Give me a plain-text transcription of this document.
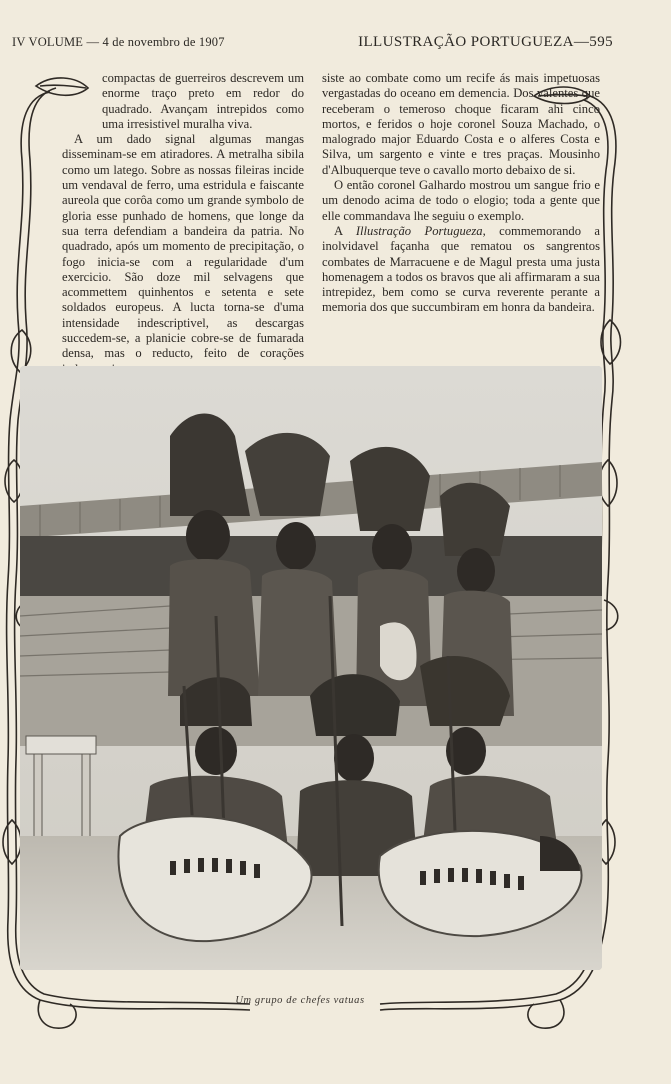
IV VOLUME — 4 de novembro de 1907	ILLUSTRAÇÃO PORTUGUEZA—595

compactas de guerreiros descrevem um enorme traço preto em redor do quadrado. Avançam intrepidos como uma irresistivel muralha viva.

A um dado signal algumas mangas disseminam-se em atiradores. A metralha sibila como um latego. Sobre as nossas fileiras incide um vendaval de ferro, uma estridula e faiscante aureola que corôa como um grande symbolo de gloria esse punhado de homens, que longe da sua terra defendiam a bandeira da patria. No quadrado, após um momento de precipitação, o fogo inicia-se com a regularidade d'um exercicio. São doze mil selvagens que acommettem quinhentos e setenta e sete soldados europeus. A lucta torna-se d'uma intensidade indescriptivel, as descargas succedem-se, a planicie cobre-se de fumarada densa, mas o reducto, feito de corações

siste ao combate como um recife ás mais impetuosas vergastadas do oceano em demencia. Dos valentes que receberam o temeroso choque ficaram ahi cinco mortos, e feridos o hoje coronel Souza Machado, o malogrado major Eduardo Costa e o alferes Costa e Silva, um sargento e vinte e tres praças. Mousinho d'Albuquerque teve o cavallo morto debaixo de si.

O então coronel Galhardo mostrou um sangue frio e um denodo acima de todo o elogio; toda a gente que elle commandava lhe seguiu o exemplo.

A Illustração Portugueza, commemorando a inolvidavel façanha que rematou os sangrentos combates de Marracuene e de Magul presta uma justa homenagem a todos os bravos que ali affirmaram a sua intrepidez, bem como se curva reverente perante a memoria dos que succumbiram em honra da bandeira.

Um grupo de chefes vatuas
